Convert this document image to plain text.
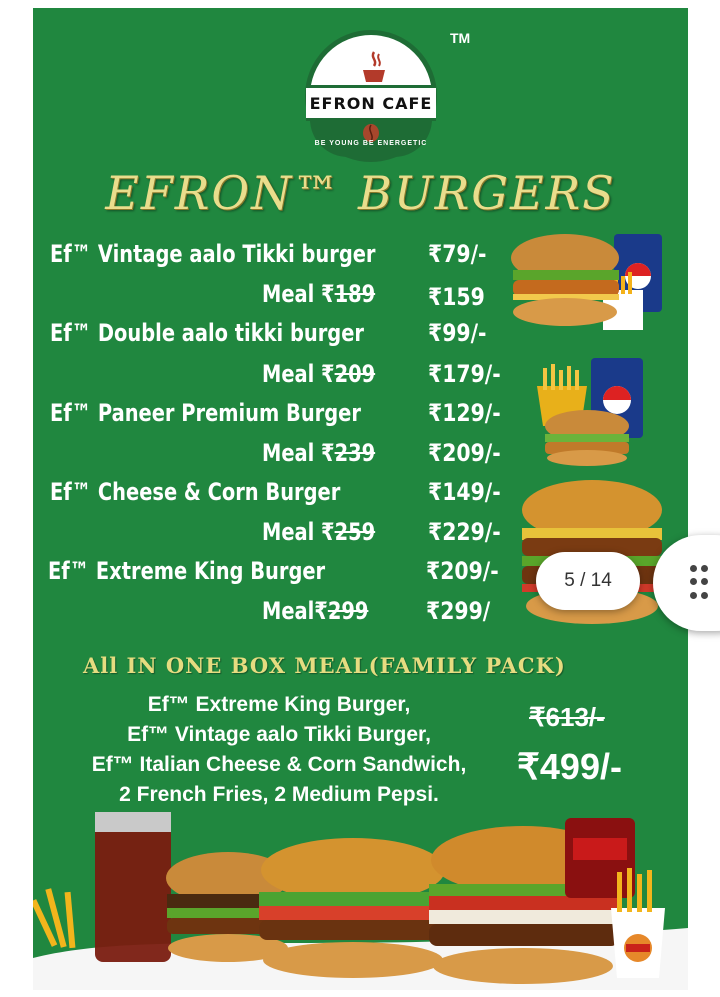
EFRON CAFE
BE YOUNG BE ENERGETIC
TM
EFRON™ BURGERS
Ef™ Vintage aalo Tikki burger ₹79/-
Meal ₹189 ₹159
Ef™ Double aalo tikki burger	₹99/-
Meal ₹209 ₹179/-
Ef™ Paneer Premium Burger	₹129/-
Meal ₹239 ₹209/-
Ef™ Cheese & Corn Burger	₹149/-
Meal ₹259 ₹229/-
Ef™ Extreme King Burger	₹209/-
Meal₹299 ₹299/
All IN ONE BOX MEAL(FAMILY PACK)
Ef™ Extreme King Burger,
Ef™ Vintage aalo Tikki Burger,
Ef™ Italian Cheese & Corn Sandwich,
2 French Fries, 2 Medium Pepsi.
₹613/-
₹499/-
5 / 14
